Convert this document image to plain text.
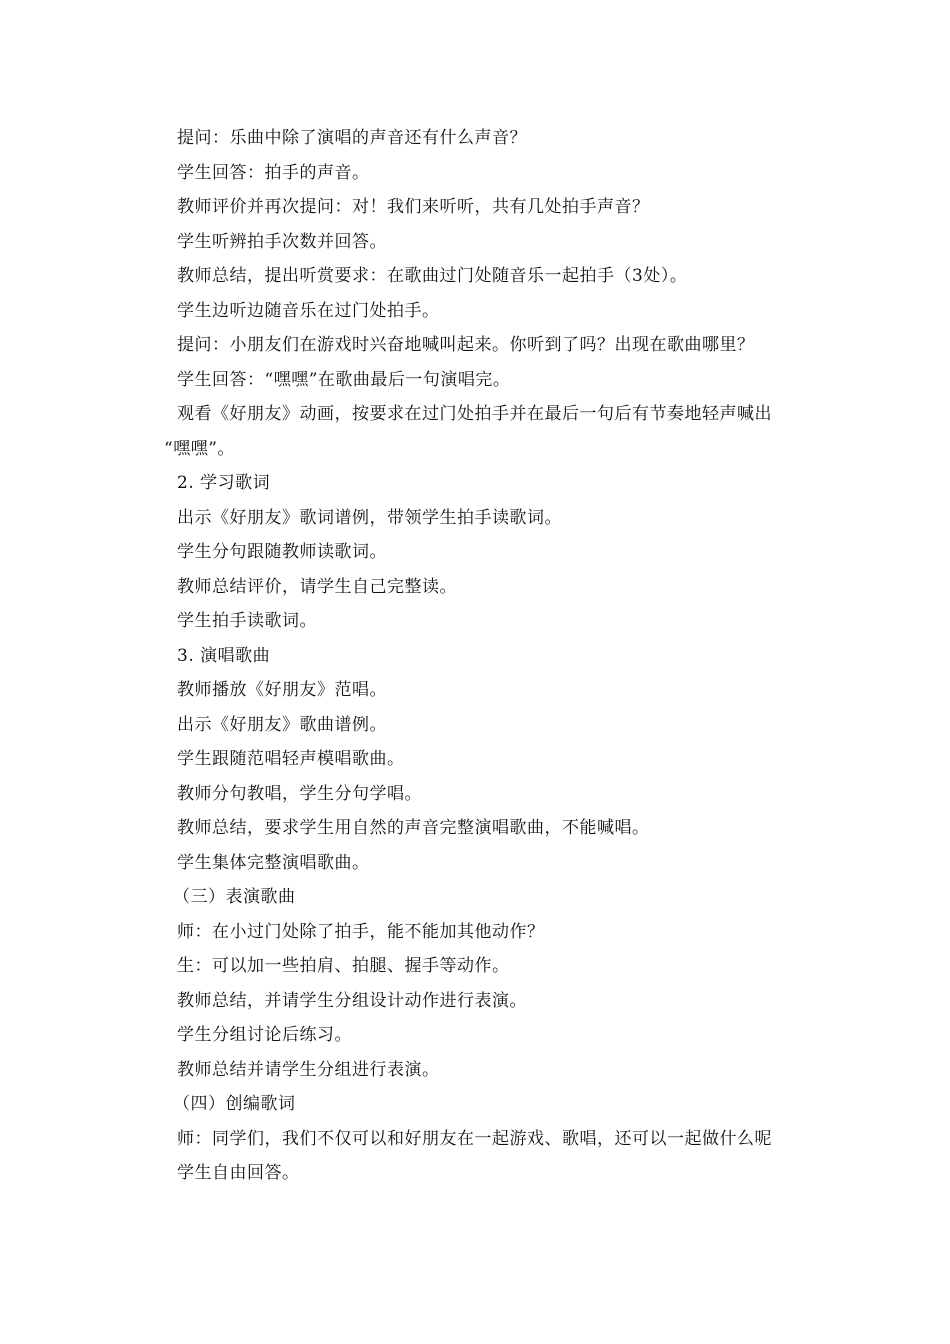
提问：乐曲中除了演唱的声音还有什么声音？
学生回答：拍手的声音。
教师评价并再次提问：对！我们来听听，共有几处拍手声音？
学生听辨拍手次数并回答。
教师总结，提出听赏要求：在歌曲过门处随音乐一起拍手（3处）。
学生边听边随音乐在过门处拍手。
提问：小朋友们在游戏时兴奋地喊叫起来。你听到了吗？出现在歌曲哪里？
学生回答：“嘿嘿”在歌曲最后一句演唱完。
观看《好朋友》动画，按要求在过门处拍手并在最后一句后有节奏地轻声喊出
“嘿嘿”。
2. 学习歌词
出示《好朋友》歌词谱例，带领学生拍手读歌词。
学生分句跟随教师读歌词。
教师总结评价，请学生自己完整读。
学生拍手读歌词。
3. 演唱歌曲
教师播放《好朋友》范唱。
出示《好朋友》歌曲谱例。
学生跟随范唱轻声模唱歌曲。
教师分句教唱，学生分句学唱。
教师总结，要求学生用自然的声音完整演唱歌曲，不能喊唱。
学生集体完整演唱歌曲。
（三）表演歌曲
师：在小过门处除了拍手，能不能加其他动作？
生：可以加一些拍肩、拍腿、握手等动作。
教师总结，并请学生分组设计动作进行表演。
学生分组讨论后练习。
教师总结并请学生分组进行表演。
（四）创编歌词
师：同学们，我们不仅可以和好朋友在一起游戏、歌唱，还可以一起做什么呢
学生自由回答。
